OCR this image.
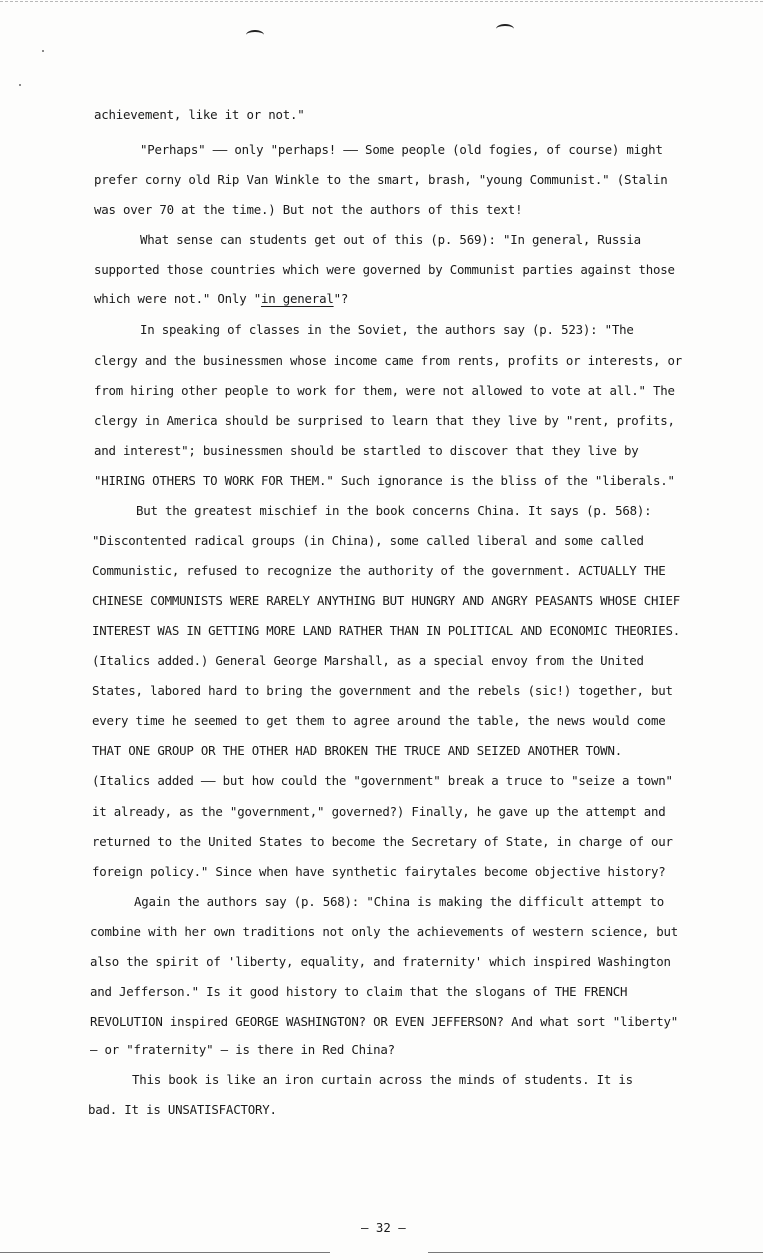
achievement, like it or not."
"Perhaps" –– only "perhaps! –– Some people (old fogies, of course) might
prefer corny old Rip Van Winkle to the smart, brash, "young Communist." (Stalin
was over 70 at the time.) But not the authors of this text!
What sense can students get out of this (p. 569): "In general, Russia
supported those countries which were governed by Communist parties against those
which were not." Only "in general"?
In speaking of classes in the Soviet, the authors say (p. 523): "The
clergy and the businessmen whose income came from rents, profits or interests, or
from hiring other people to work for them, were not allowed to vote at all." The
clergy in America should be surprised to learn that they live by "rent, profits,
and interest"; businessmen should be startled to discover that they live by
"HIRING OTHERS TO WORK FOR THEM." Such ignorance is the bliss of the "liberals."
But the greatest mischief in the book concerns China. It says (p. 568):
"Discontented radical groups (in China), some called liberal and some called
Communistic, refused to recognize the authority of the government. ACTUALLY THE
CHINESE COMMUNISTS WERE RARELY ANYTHING BUT HUNGRY AND ANGRY PEASANTS WHOSE CHIEF
INTEREST WAS IN GETTING MORE LAND RATHER THAN IN POLITICAL AND ECONOMIC THEORIES.
(Italics added.) General George Marshall, as a special envoy from the United
States, labored hard to bring the government and the rebels (sic!) together, but
every time he seemed to get them to agree around the table, the news would come
THAT ONE GROUP OR THE OTHER HAD BROKEN THE TRUCE AND SEIZED ANOTHER TOWN.
(Italics added –– but how could the "government" break a truce to "seize a town"
it already, as the "government," governed?) Finally, he gave up the attempt and
returned to the United States to become the Secretary of State, in charge of our
foreign policy." Since when have synthetic fairytales become objective history?
Again the authors say (p. 568): "China is making the difficult attempt to
combine with her own traditions not only the achievements of western science, but
also the spirit of 'liberty, equality, and fraternity' which inspired Washington
and Jefferson." Is it good history to claim that the slogans of THE FRENCH
REVOLUTION inspired GEORGE WASHINGTON? OR EVEN JEFFERSON? And what sort "liberty"
– or "fraternity" – is there in Red China?
This book is like an iron curtain across the minds of students. It is
bad. It is UNSATISFACTORY.
– 32 –
